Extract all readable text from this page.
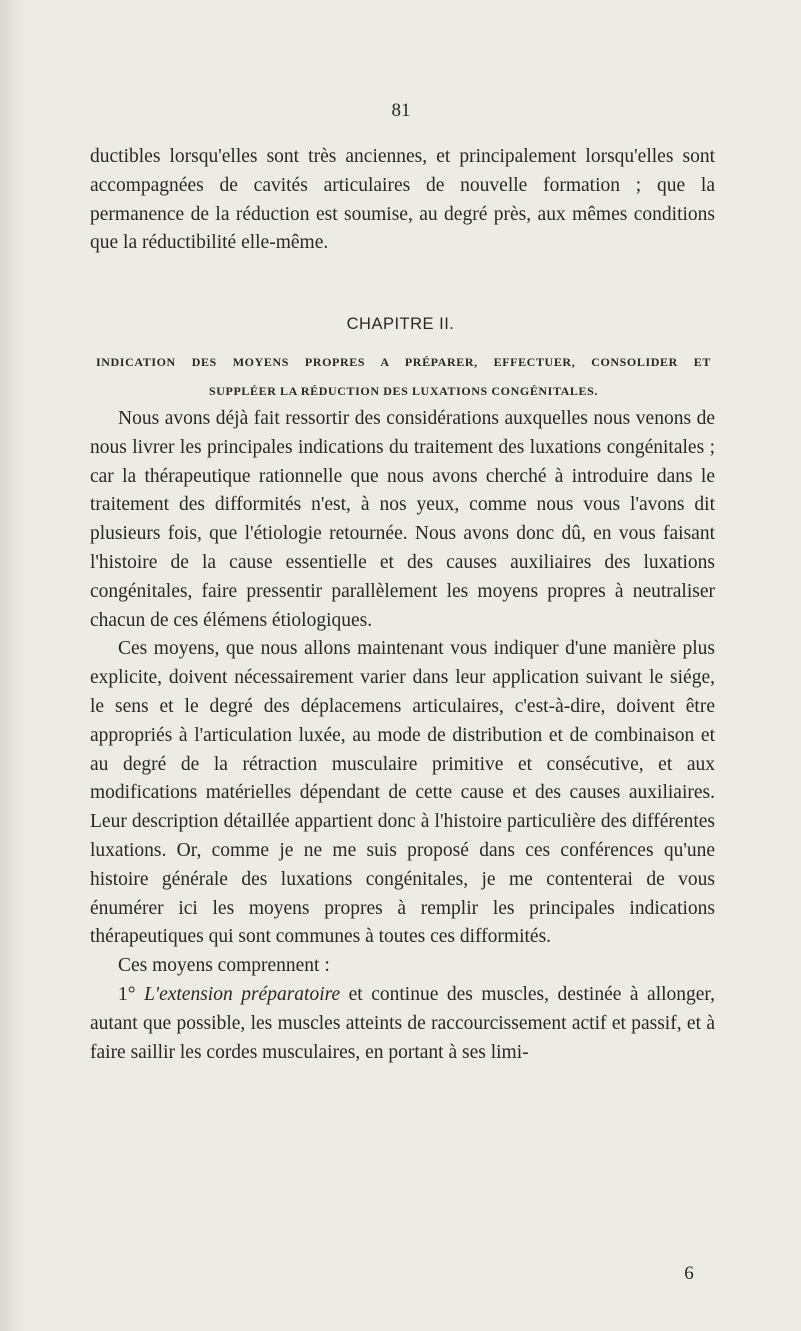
81

ductibles lorsqu'elles sont très anciennes, et principalement lorsqu'elles sont accompagnées de cavités articulaires de nouvelle formation ; que la permanence de la réduction est soumise, au degré près, aux mêmes conditions que la réductibilité elle-même.

CHAPITRE II.
INDICATION DES MOYENS PROPRES A PRÉPARER, EFFECTUER, CONSOLIDER ET
SUPPLÉER LA RÉDUCTION DES LUXATIONS CONGÉNITALES.

Nous avons déjà fait ressortir des considérations auxquelles nous venons de nous livrer les principales indications du traitement des luxations congénitales ; car la thérapeutique rationnelle que nous avons cherché à introduire dans le traitement des difformités n'est, à nos yeux, comme nous vous l'avons dit plusieurs fois, que l'étiologie retournée. Nous avons donc dû, en vous faisant l'histoire de la cause essentielle et des causes auxiliaires des luxations congénitales, faire pressentir parallèlement les moyens propres à neutraliser chacun de ces élémens étiologiques.

Ces moyens, que nous allons maintenant vous indiquer d'une manière plus explicite, doivent nécessairement varier dans leur application suivant le siége, le sens et le degré des déplacemens articulaires, c'est-à-dire, doivent être appropriés à l'articulation luxée, au mode de distribution et de combinaison et au degré de la rétraction musculaire primitive et consécutive, et aux modifications matérielles dépendant de cette cause et des causes auxiliaires. Leur description détaillée appartient donc à l'histoire particulière des différentes luxations. Or, comme je ne me suis proposé dans ces conférences qu'une histoire générale des luxations congénitales, je me contenterai de vous énumérer ici les moyens propres à remplir les principales indications thérapeutiques qui sont communes à toutes ces difformités.

Ces moyens comprennent :

1° L'extension préparatoire et continue des muscles, destinée à allonger, autant que possible, les muscles atteints de raccourcissement actif et passif, et à faire saillir les cordes musculaires, en portant à ses limi-

6
